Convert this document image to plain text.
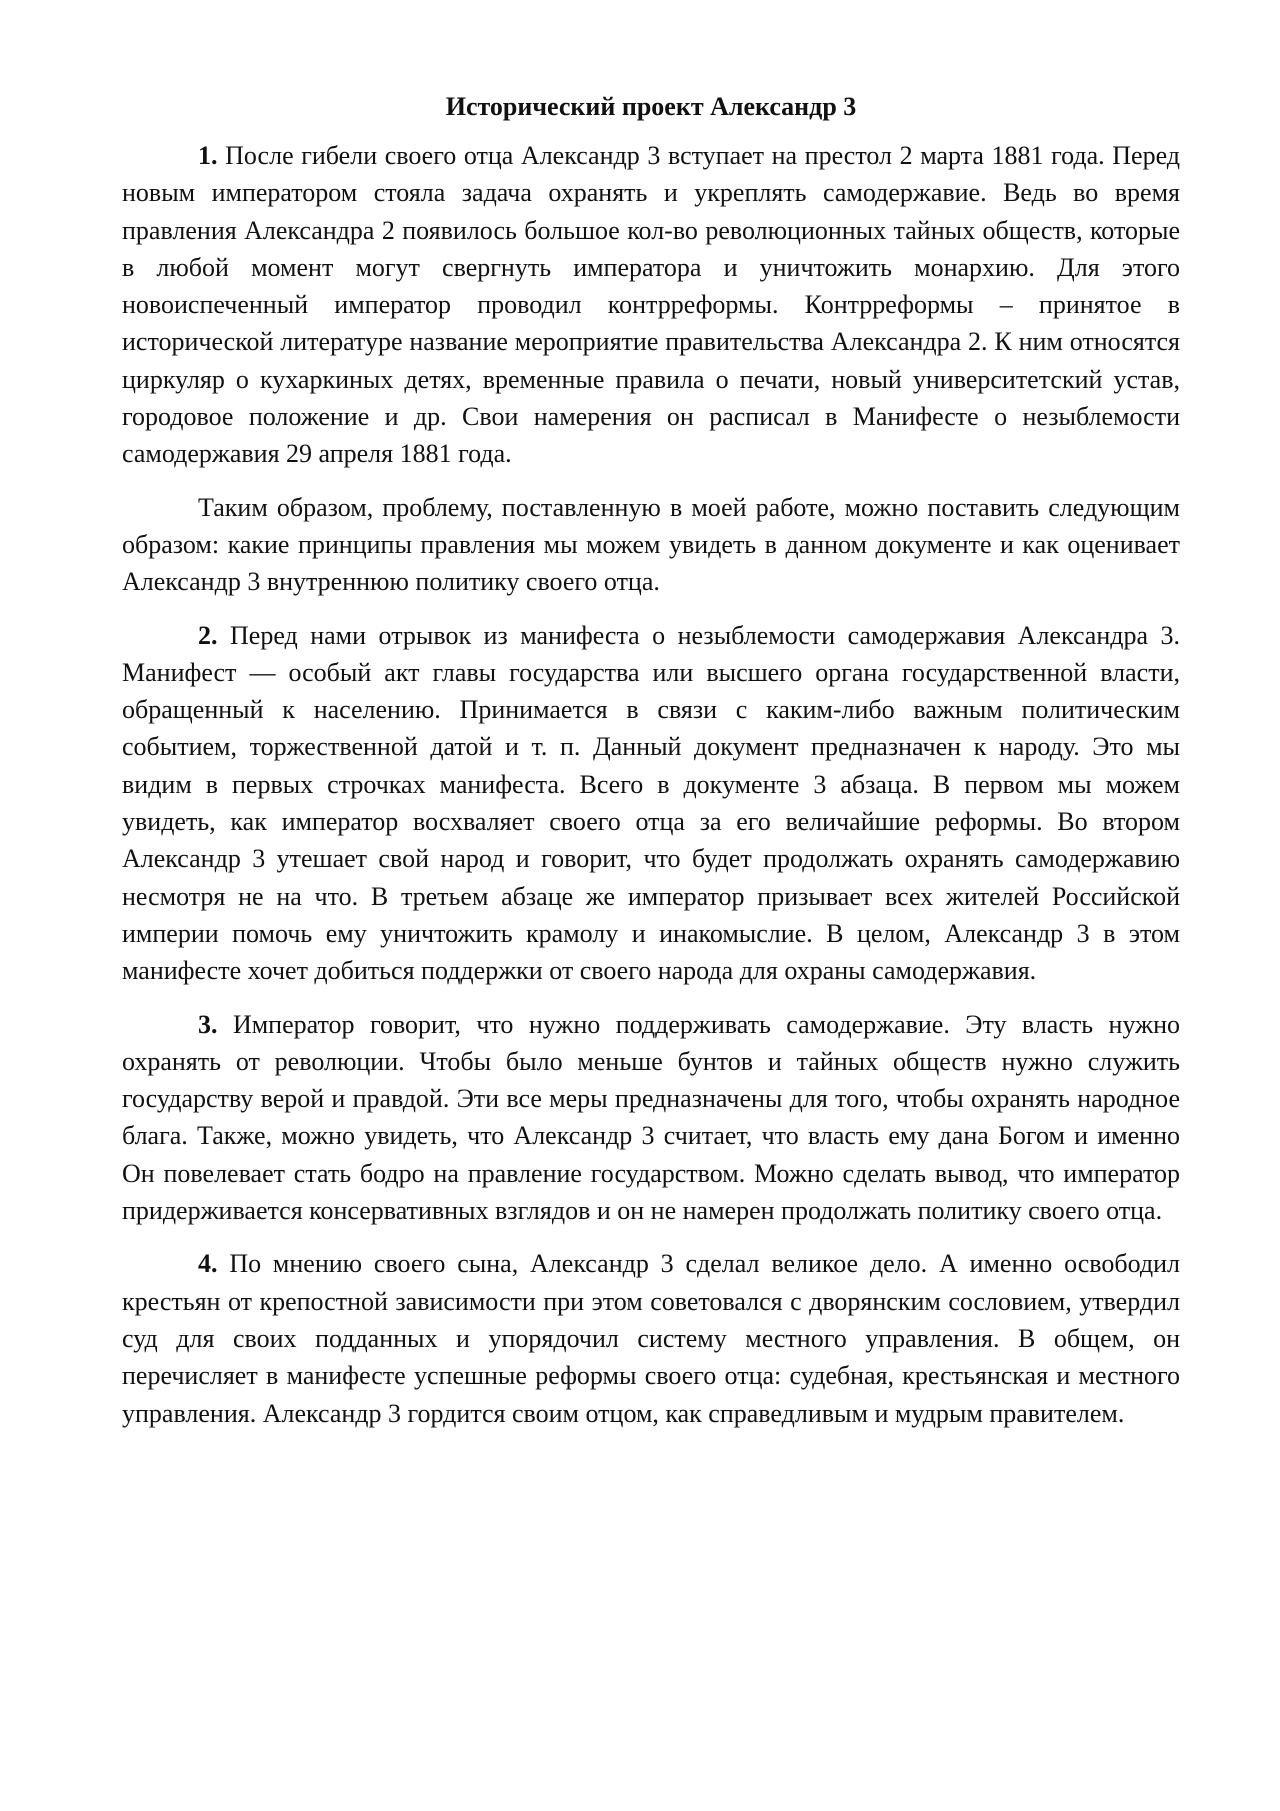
Исторический проект Александр 3

1. После гибели своего отца Александр 3 вступает на престол 2 марта 1881 года. Перед новым императором стояла задача охранять и укреплять самодержавие. Ведь во время правления Александра 2 появилось большое кол-во революционных тайных обществ, которые в любой момент могут свергнуть императора и уничтожить монархию. Для этого новоиспеченный император проводил контрреформы. Контрреформы – принятое в исторической литературе название мероприятие правительства Александра 2. К ним относятся циркуляр о кухаркиных детях, временные правила о печати, новый университетский устав, городовое положение и др. Свои намерения он расписал в Манифесте о незыблемости самодержавия 29 апреля 1881 года.

Таким образом, проблему, поставленную в моей работе, можно поставить следующим образом: какие принципы правления мы можем увидеть в данном документе и как оценивает Александр 3 внутреннюю политику своего отца.

2. Перед нами отрывок из манифеста о незыблемости самодержавия Александра 3. Манифест — особый акт главы государства или высшего органа государственной власти, обращенный к населению. Принимается в связи с каким-либо важным политическим событием, торжественной датой и т. п. Данный документ предназначен к народу. Это мы видим в первых строчках манифеста. Всего в документе 3 абзаца. В первом мы можем увидеть, как император восхваляет своего отца за его величайшие реформы. Во втором Александр 3 утешает свой народ и говорит, что будет продолжать охранять самодержавию несмотря не на что. В третьем абзаце же император призывает всех жителей Российской империи помочь ему уничтожить крамолу и инакомыслие. В целом, Александр 3 в этом манифесте хочет добиться поддержки от своего народа для охраны самодержавия.

3. Император говорит, что нужно поддерживать самодержавие. Эту власть нужно охранять от революции. Чтобы было меньше бунтов и тайных обществ нужно служить государству верой и правдой. Эти все меры предназначены для того, чтобы охранять народное блага. Также, можно увидеть, что Александр 3 считает, что власть ему дана Богом и именно Он повелевает стать бодро на правление государством. Можно сделать вывод, что император придерживается консервативных взглядов и он не намерен продолжать политику своего отца.

4. По мнению своего сына, Александр 3 сделал великое дело. А именно освободил крестьян от крепостной зависимости при этом советовался с дворянским сословием, утвердил суд для своих подданных и упорядочил систему местного управления. В общем, он перечисляет в манифесте успешные реформы своего отца: судебная, крестьянская и местного управления. Александр 3 гордится своим отцом, как справедливым и мудрым правителем.
